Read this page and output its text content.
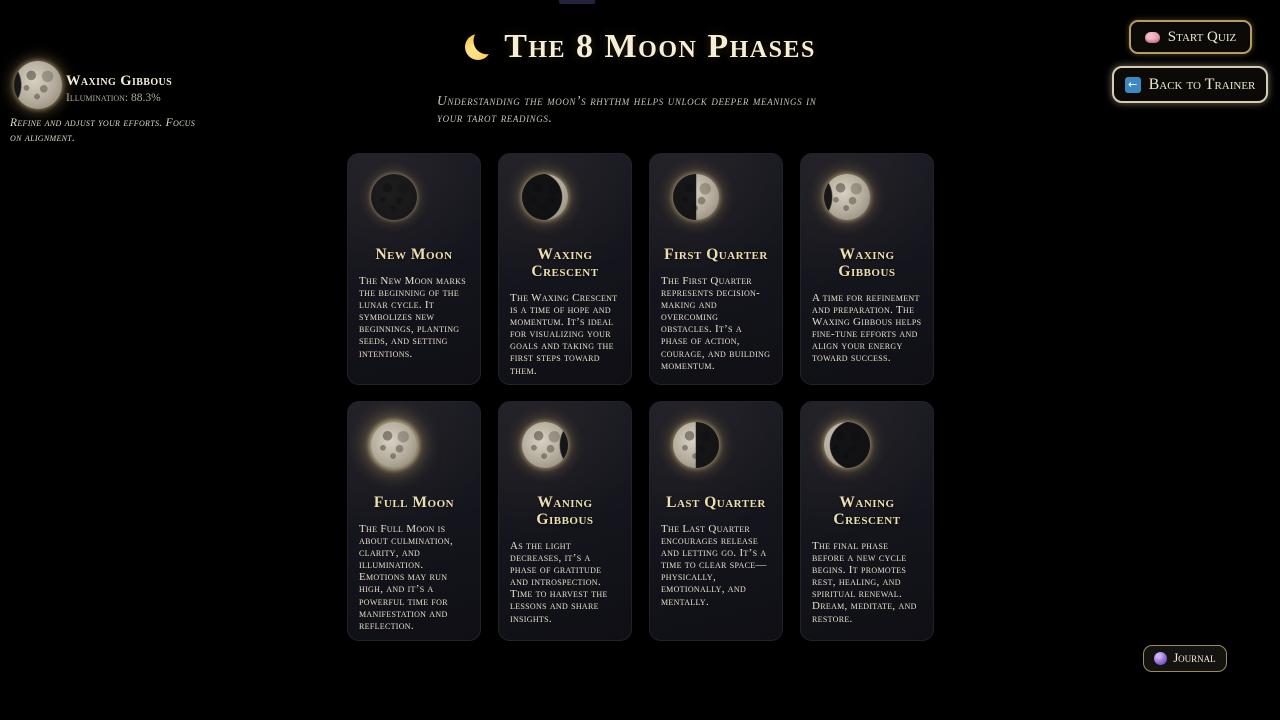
Waxing Gibbous
Illumination: 88.3%
Refine and adjust your efforts. Focus on alignment.
The 8 Moon Phases
Understanding the moon’s rhythm helps unlock deeper meanings in your tarot readings.
Start Quiz
← Back to Trainer
New Moon

The New Moon marks the beginning of the lunar cycle. It symbolizes new beginnings, planting seeds, and setting intentions.

Waxing Crescent

The Waxing Crescent is a time of hope and momentum. It’s ideal for visualizing your goals and taking the first steps toward them.

First Quarter

The First Quarter represents decision-making and overcoming obstacles. It’s a phase of action, courage, and building momentum.

Waxing Gibbous

A time for refinement and preparation. The Waxing Gibbous helps fine-tune efforts and align your energy toward success.

Full Moon

The Full Moon is about culmination, clarity, and illumination. Emotions may run high, and it’s a powerful time for manifestation and reflection.

Waning Gibbous

As the light decreases, it’s a phase of gratitude and introspection. Time to harvest the lessons and share insights.

Last Quarter

The Last Quarter encourages release and letting go. It’s a time to clear space—physically, emotionally, and mentally.

Waning Crescent

The final phase before a new cycle begins. It promotes rest, healing, and spiritual renewal. Dream, meditate, and restore.

Journal
